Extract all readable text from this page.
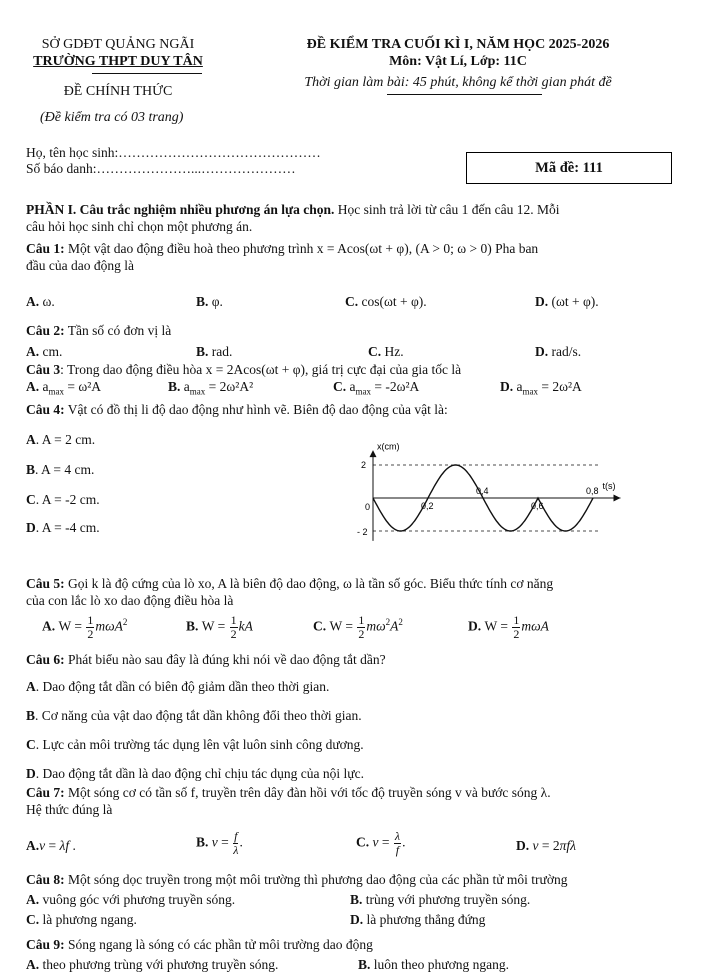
SỞ GDĐT QUẢNG NGÃI
TRƯỜNG THPT DUY TÂN
ĐỀ CHÍNH THỨC
(Đề kiểm tra có 03 trang)
ĐỀ KIỂM TRA CUỐI KÌ I, NĂM HỌC 2025-2026
Môn: Vật Lí, Lớp: 11C
Thời gian làm bài: 45 phút, không kể thời gian phát đề
Họ, tên học sinh:………………………………………
Số báo danh:…………………...…………………	Mã đề: 111
PHẦN I. Câu trắc nghiệm nhiều phương án lựa chọn. Học sinh trả lời từ câu 1 đến câu 12. Mỗi
câu hỏi học sinh chỉ chọn một phương án.
Câu 1: Một vật dao động điều hoà theo phương trình x = Acos(ωt + φ), (A > 0; ω > 0) Pha ban
đầu của dao động là
A. ω.	B. φ.	C. cos(ωt + φ).	D. (ωt + φ).
Câu 2: Tần số có đơn vị là
A. cm.	B. rad.	C. Hz.	D. rad/s.
Câu 3: Trong dao động điều hòa x = 2Acos(ωt + φ), giá trị cực đại của gia tốc là
A. $a_{max} = \omega^2A$	B. $a_{max} = 2\omega^2A^2$	C. $a_{max} = -2\omega^2A$	D. $a_{max} = 2\omega^2A$
Câu 4: Vật có đồ thị li độ dao động như hình vẽ. Biên độ dao động của vật là:
A. A = 2 cm.
B. A = 4 cm.
C. A = -2 cm.
D. A = -4 cm.
x(cm)
t(s)
2
0
- 2
0,2
0,4
0,6
0,8
Câu 5: Gọi k là độ cứng của lò xo, A là biên độ dao động, ω là tần số góc. Biểu thức tính cơ năng
của con lắc lò xo dao động điều hòa là
A. $W = \frac{1}{2} m\omega A^2$	B. $W = \frac{1}{2}$ kA	C. $W = \frac{1}{2} m\omega^2A^2$	D. $W = \frac{1}{2}$ mωA
Câu 6: Phát biểu nào sau đây là đúng khi nói về dao động tắt dần?
A. Dao động tắt dần có biên độ giảm dần theo thời gian.
B. Cơ năng của vật dao động tắt dần không đổi theo thời gian.
C. Lực cản môi trường tác dụng lên vật luôn sinh công dương.
D. Dao động tắt dần là dao động chỉ chịu tác dụng của nội lực.
Câu 7: Một sóng cơ có tần số f, truyền trên dây đàn hồi với tốc độ truyền sóng v và bước sóng λ.
Hệ thức đúng là
A.v = λf .	B. $v = \frac{f}{\lambda}$ .	C. $v = \frac{\lambda}{f}$ .	D. v = 2πfλ
Câu 8: Một sóng dọc truyền trong một môi trường thì phương dao động của các phần tử môi trường
A. vuông góc với phương truyền sóng.	B. trùng với phương truyền sóng.
C. là phương ngang.	D. là phương thẳng đứng
Câu 9: Sóng ngang là sóng có các phần tử môi trường dao động
A. theo phương trùng với phương truyền sóng.	B. luôn theo phương ngang.
